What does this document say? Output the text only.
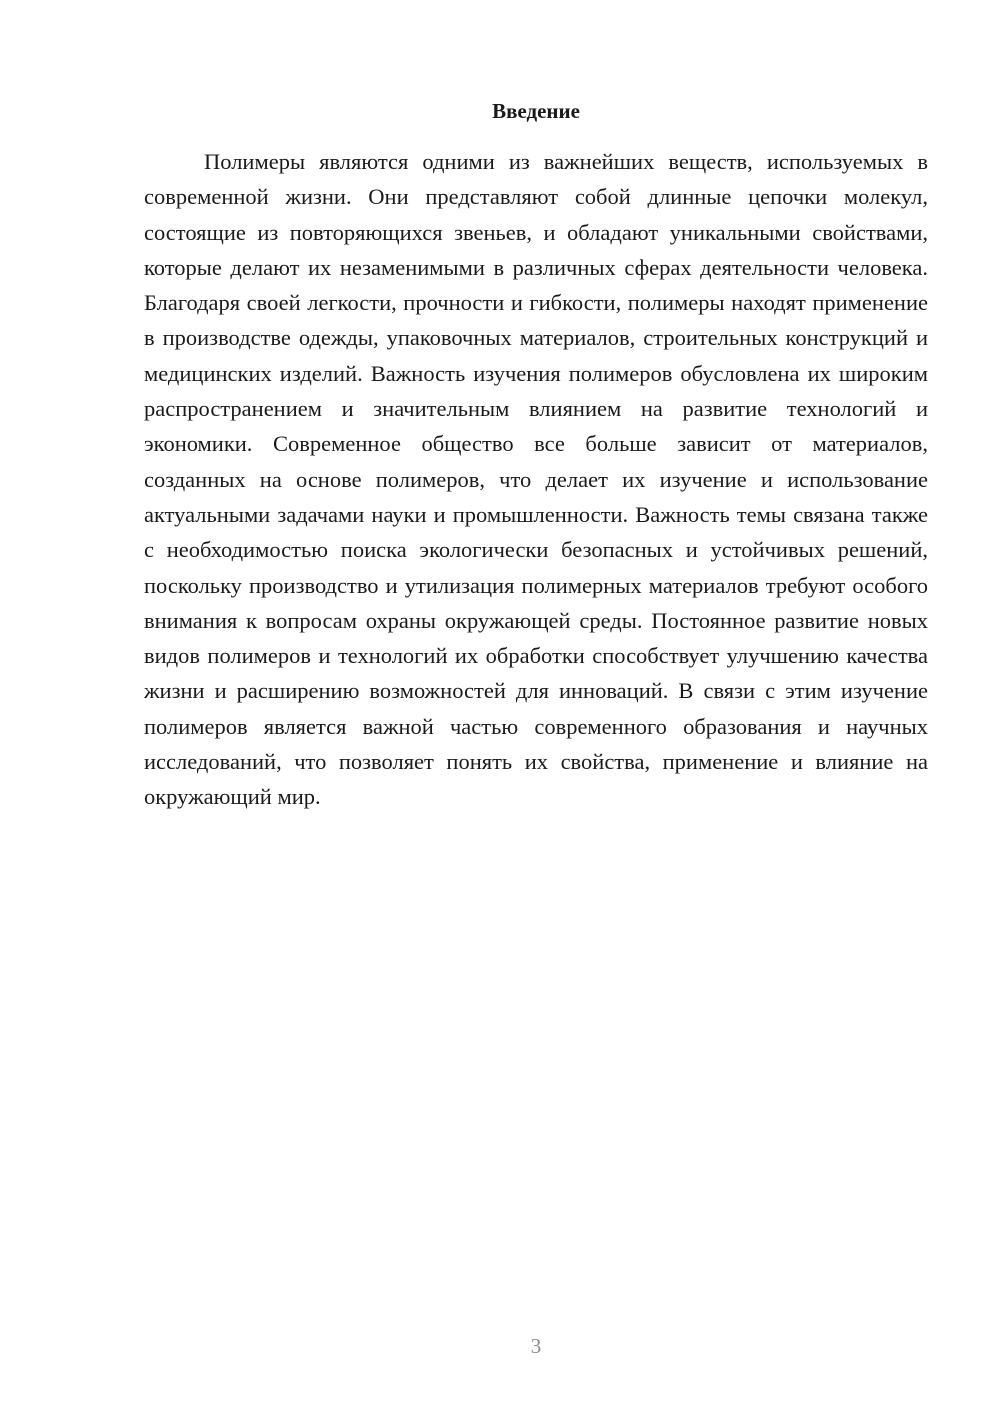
Введение

Полимеры являются одними из важнейших веществ, используемых в современной жизни. Они представляют собой длинные цепочки молекул, состоящие из повторяющихся звеньев, и обладают уникальными свойствами, которые делают их незаменимыми в различных сферах деятельности человека. Благодаря своей легкости, прочности и гибкости, полимеры находят применение в производстве одежды, упаковочных материалов, строительных конструкций и медицинских изделий. Важность изучения полимеров обусловлена их широким распространением и значительным влиянием на развитие технологий и экономики. Современное общество все больше зависит от материалов, созданных на основе полимеров, что делает их изучение и использование актуальными задачами науки и промышленности. Важность темы связана также с необходимостью поиска экологически безопасных и устойчивых решений, поскольку производство и утилизация полимерных материалов требуют особого внимания к вопросам охраны окружающей среды. Постоянное развитие новых видов полимеров и технологий их обработки способствует улучшению качества жизни и расширению возможностей для инноваций. В связи с этим изучение полимеров является важной частью современного образования и научных исследований, что позволяет понять их свойства, применение и влияние на окружающий мир.

3
